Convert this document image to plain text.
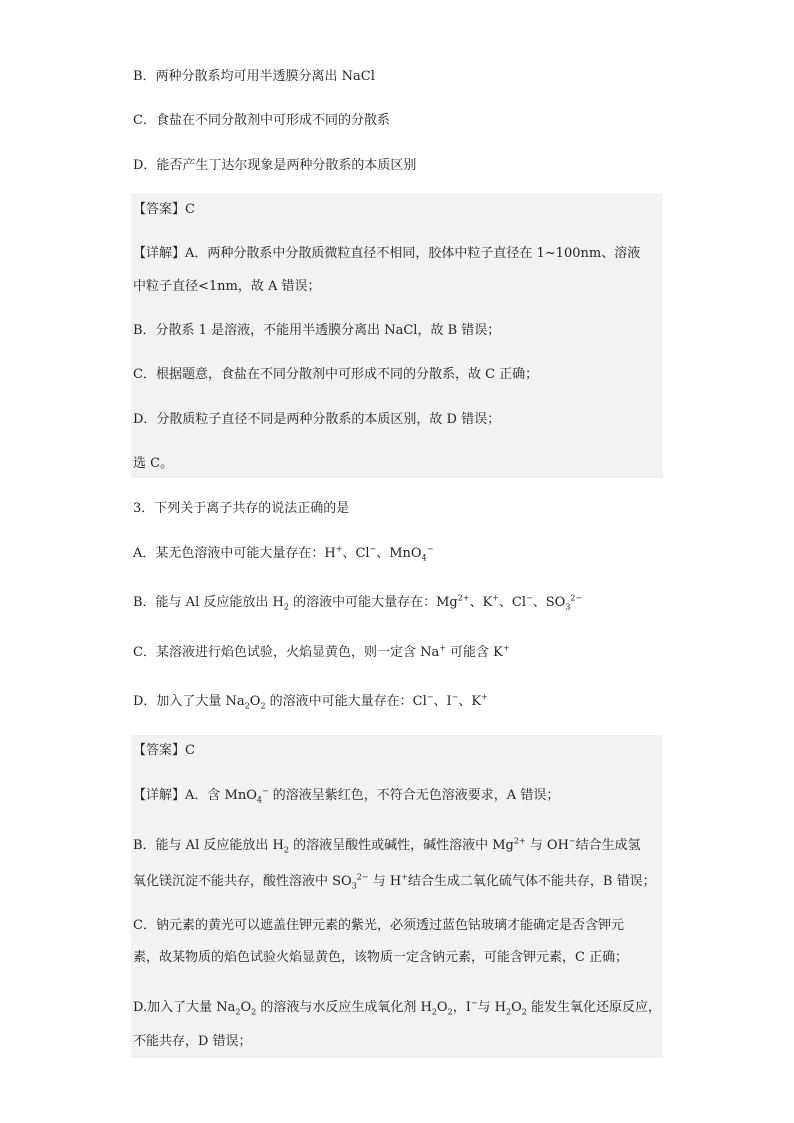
B．两种分散系均可用半透膜分离出 NaCl
C．食盐在不同分散剂中可形成不同的分散系
D．能否产生丁达尔现象是两种分散系的本质区别
【答案】C
【详解】A．两种分散系中分散质微粒直径不相同，胶体中粒子直径在 1~100nm、溶液
中粒子直径<1nm，故 A 错误；
B．分散系 1 是溶液，不能用半透膜分离出 NaCl，故 B 错误；
C．根据题意，食盐在不同分散剂中可形成不同的分散系，故 C 正确；
D．分散质粒子直径不同是两种分散系的本质区别，故 D 错误；
选 C。
3．下列关于离子共存的说法正确的是
A．某无色溶液中可能大量存在：H+、Cl−、MnO$_4$−
B．能与 Al 反应能放出 $H_2$ 的溶液中可能大量存在：$Mg^{2+}$、K+、Cl−、$SO_3^{2-}$
C．某溶液进行焰色试验，火焰显黄色，则一定含 Na+ 可能含 K+
D．加入了大量 $Na_2O_2$ 的溶液中可能大量存在：Cl−、I−、K+
【答案】C
【详解】A．含 MnO$_4$− 的溶液呈紫红色，不符合无色溶液要求，A 错误；
B．能与 Al 反应能放出 $H_2$ 的溶液呈酸性或碱性，碱性溶液中 $Mg^{2+}$ 与 OH−结合生成氢
氧化镁沉淀不能共存，酸性溶液中 $SO_3^{2-}$ 与 H+结合生成二氧化硫气体不能共存，B 错误；
C．钠元素的黄光可以遮盖住钾元素的紫光，必须透过蓝色钴玻璃才能确定是否含钾元
素，故某物质的焰色试验火焰显黄色，该物质一定含钠元素，可能含钾元素，C 正确；
D.加入了大量 $Na_2O_2$ 的溶液与水反应生成氧化剂 $H_2O_2$，I−与 $H_2O_2$ 能发生氧化还原反应，
不能共存，D 错误；
